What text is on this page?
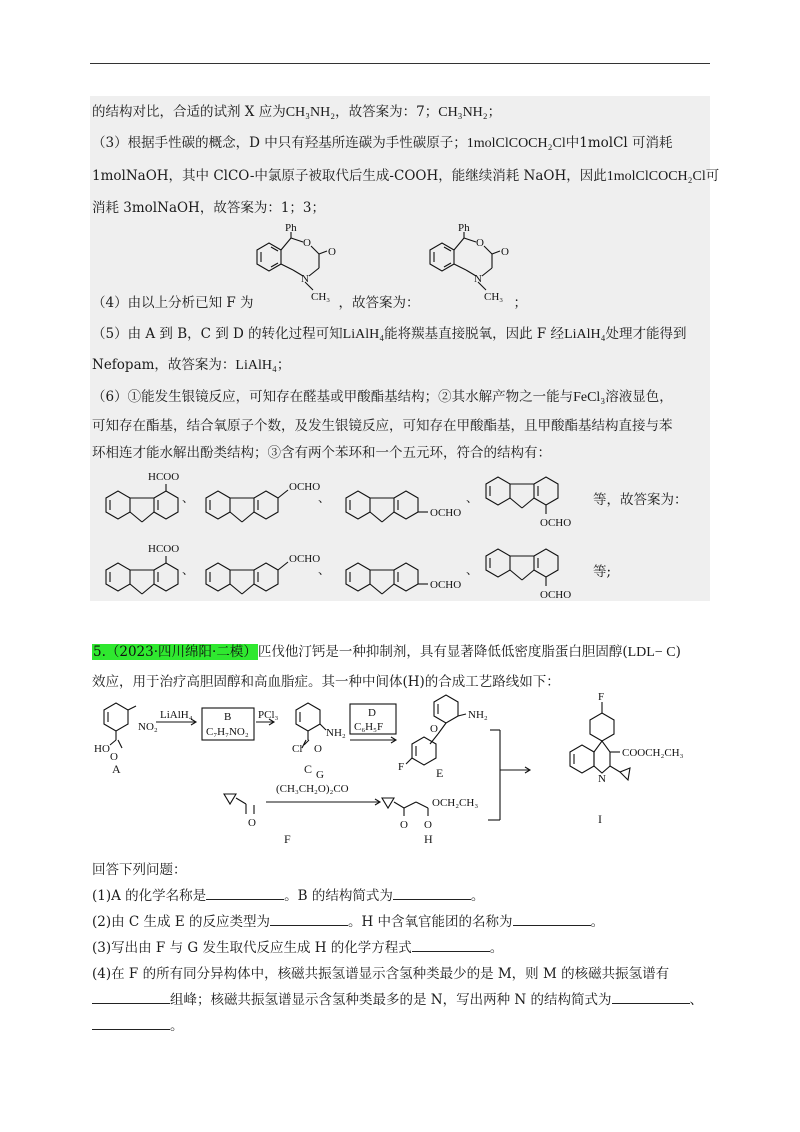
的结构对比，合适的试剂 X 应为CH₃NH₂，故答案为：7；CH₃NH₂；
（3）根据手性碳的概念，D 中只有羟基所连碳为手性碳原子；1molClCOCH₂Cl中1molCl 可消耗
1molNaOH，其中 ClCO-中氯原子被取代后生成-COOH，能继续消耗 NaOH，因此1molClCOCH₂Cl可
消耗 3molNaOH，故答案为：1；3；
Ph
O
O
N
CH₃
Ph
O
O
N
CH₃
（4）由以上分析已知 F 为	，故答案为：	；
（5）由 A 到 B，C 到 D 的转化过程可知LiAlH₄能将羰基直接脱氧，因此 F 经LiAlH₄处理才能得到
Nefopam，故答案为：LiAlH₄；
（6）①能发生银镜反应，可知存在醛基或甲酸酯基结构；②其水解产物之一能与FeCl₃溶液显色，
可知存在酯基，结合氧原子个数，及发生银镜反应，可知存在甲酸酯基，且甲酸酯基结构直接与苯
环相连才能水解出酚类结构；③含有两个苯环和一个五元环，符合的结构有：
HCOO
OCHO
OCHO
OCHO
HCOO
OCHO
OCHO
OCHO
、	、	、	等，故答案为：
、	、	、	等;
5.（2023·四川绵阳·二模）匹伐他汀钙是一种抑制剂，具有显著降低低密度脂蛋白胆固醇(LDL− C)
效应，用于治疗高胆固醇和高血脂症。其一种中间体(H)的合成工艺路线如下：
NO₂
HO
O
LiAlH₄	B
C₇H₇NO₂
PCl₃
NH₂
Cl O
D
C₆H₅F
NH₂
O
F
G
(CH₃CH₂O)₂CO
O
OCH₂CH₃
O O
F
COOCH₂CH₃
N
A	C	E
F	H
I
回答下列问题：
(1)A 的化学名称是	。B 的结构简式为	。
(2)由 C 生成 E 的反应类型为	。H 中含氧官能团的名称为	。
(3)写出由 F 与 G 发生取代反应生成 H 的化学方程式	。
(4)在 F 的所有同分异构体中，核磁共振氢谱显示含氢种类最少的是 M，则 M 的核磁共振氢谱有
组峰；核磁共振氢谱显示含氢种类最多的是 N，写出两种 N 的结构简式为	、
。
